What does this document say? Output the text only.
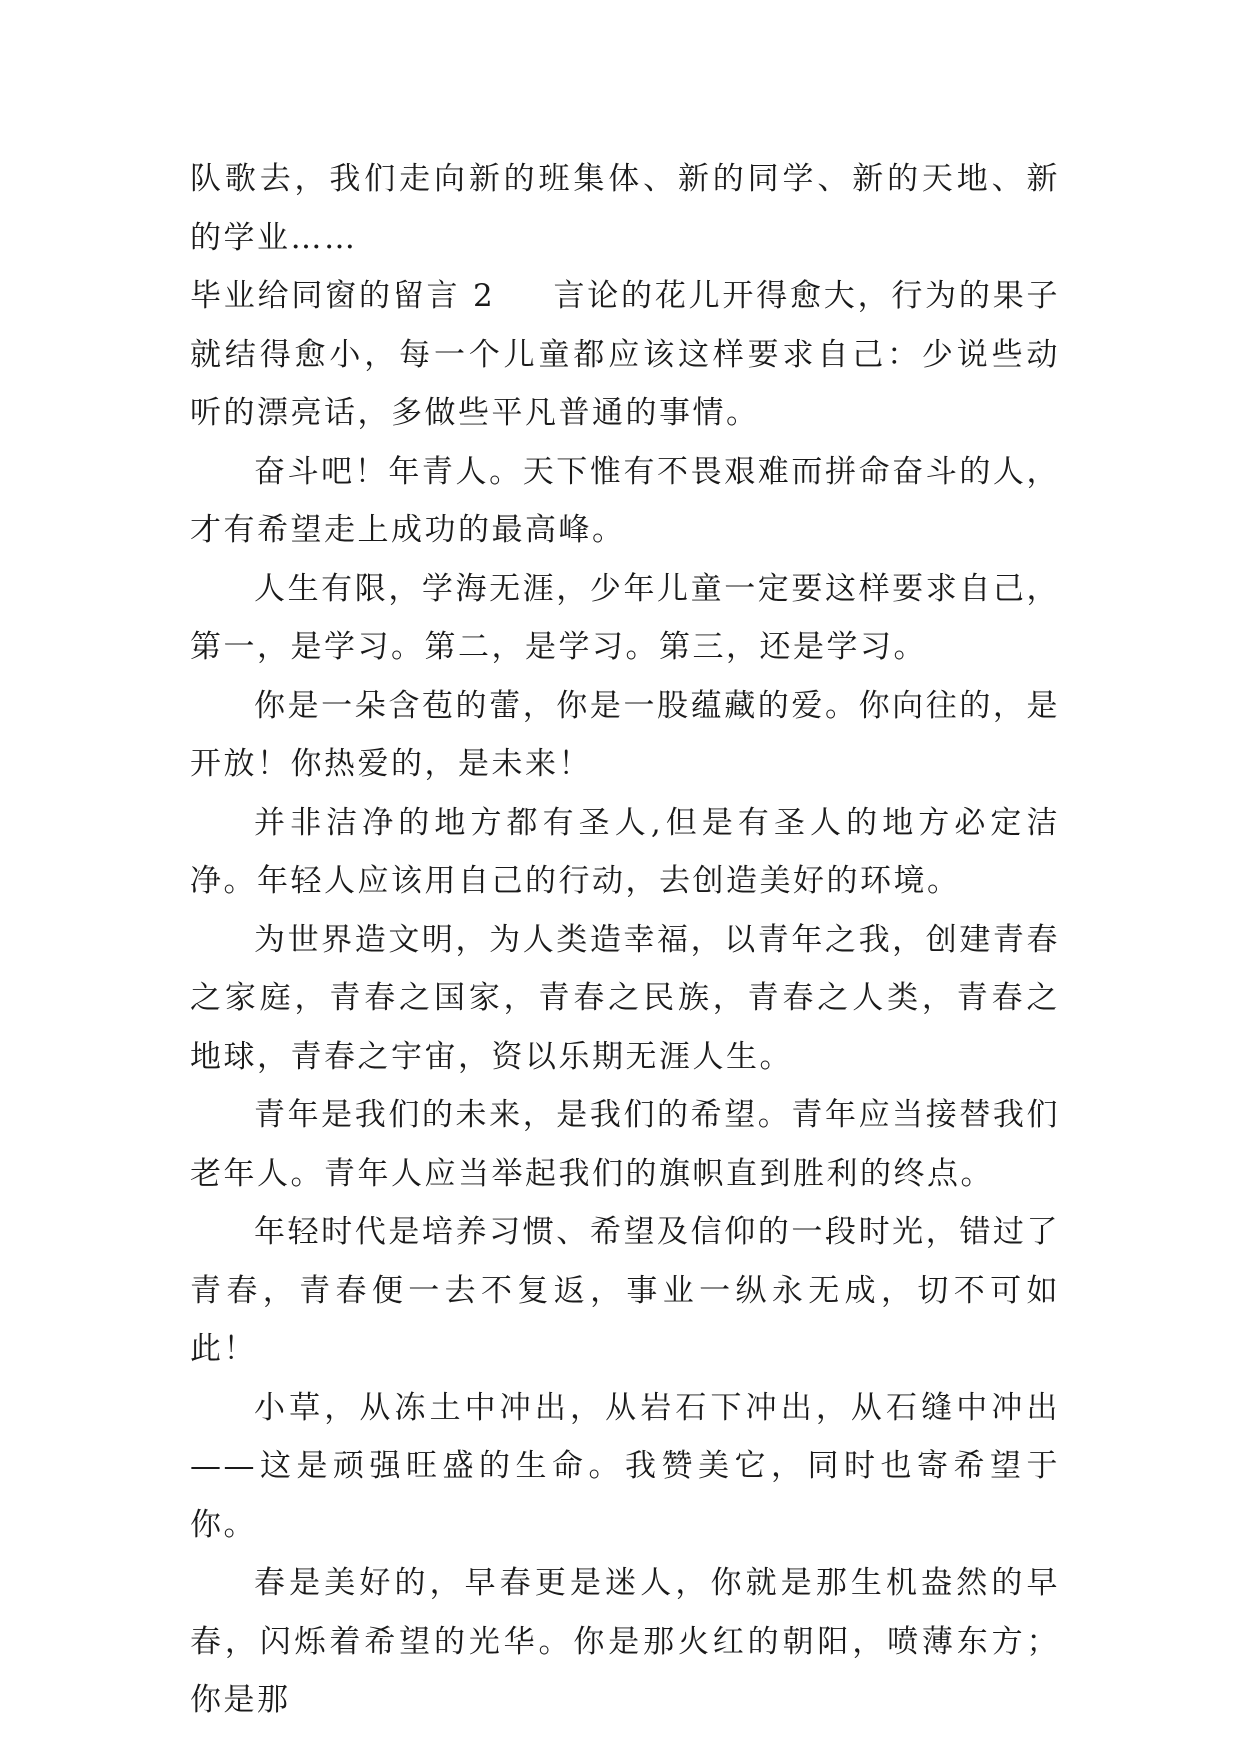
队歌去，我们走向新的班集体、新的同学、新的天地、新的学业……

毕业给同窗的留言 2 言论的花儿开得愈大，行为的果子就结得愈小，每一个儿童都应该这样要求自己：少说些动听的漂亮话，多做些平凡普通的事情。

奋斗吧！年青人。天下惟有不畏艰难而拼命奋斗的人，才有希望走上成功的最高峰。

人生有限，学海无涯，少年儿童一定要这样要求自己，第一，是学习。第二，是学习。第三，还是学习。

你是一朵含苞的蕾，你是一股蕴藏的爱。你向往的，是开放！你热爱的，是未来！

并非洁净的地方都有圣人,但是有圣人的地方必定洁净。年轻人应该用自己的行动，去创造美好的环境。

为世界造文明，为人类造幸福，以青年之我，创建青春之家庭，青春之国家，青春之民族，青春之人类，青春之地球，青春之宇宙，资以乐期无涯人生。

青年是我们的未来，是我们的希望。青年应当接替我们老年人。青年人应当举起我们的旗帜直到胜利的终点。

年轻时代是培养习惯、希望及信仰的一段时光，错过了青春，青春便一去不复返，事业一纵永无成，切不可如此！

小草，从冻土中冲出，从岩石下冲出，从石缝中冲出——这是顽强旺盛的生命。我赞美它，同时也寄希望于你。

春是美好的，早春更是迷人，你就是那生机盎然的早春，闪烁着希望的光华。你是那火红的朝阳，喷薄东方；你是那
